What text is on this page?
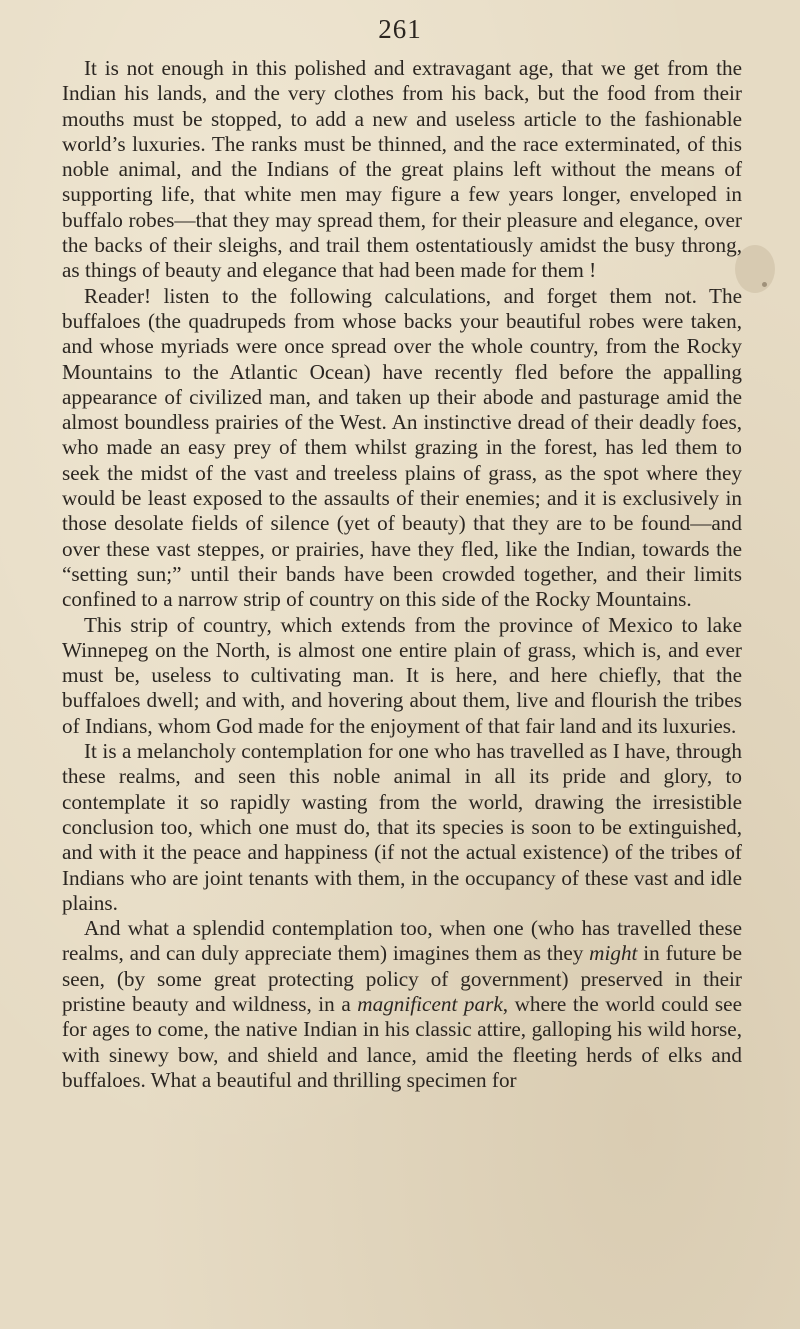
261

It is not enough in this polished and extravagant age, that we get from the Indian his lands, and the very clothes from his back, but the food from their mouths must be stopped, to add a new and useless article to the fashionable world’s luxuries. The ranks must be thinned, and the race exterminated, of this noble animal, and the Indians of the great plains left without the means of supporting life, that white men may figure a few years longer, enveloped in buffalo robes—that they may spread them, for their pleasure and elegance, over the backs of their sleighs, and trail them ostentatiously amidst the busy throng, as things of beauty and elegance that had been made for them !

Reader! listen to the following calculations, and forget them not. The buffaloes (the quadrupeds from whose backs your beautiful robes were taken, and whose myriads were once spread over the whole country, from the Rocky Mountains to the Atlantic Ocean) have recently fled before the appalling appearance of civilized man, and taken up their abode and pasturage amid the almost boundless prairies of the West. An instinctive dread of their deadly foes, who made an easy prey of them whilst grazing in the forest, has led them to seek the midst of the vast and treeless plains of grass, as the spot where they would be least exposed to the assaults of their enemies; and it is exclusively in those desolate fields of silence (yet of beauty) that they are to be found—and over these vast steppes, or prairies, have they fled, like the Indian, towards the “setting sun;” until their bands have been crowded together, and their limits confined to a narrow strip of country on this side of the Rocky Mountains.

This strip of country, which extends from the province of Mexico to lake Winnepeg on the North, is almost one entire plain of grass, which is, and ever must be, useless to cultivating man. It is here, and here chiefly, that the buffaloes dwell; and with, and hovering about them, live and flourish the tribes of Indians, whom God made for the enjoyment of that fair land and its luxuries.

It is a melancholy contemplation for one who has travelled as I have, through these realms, and seen this noble animal in all its pride and glory, to contemplate it so rapidly wasting from the world, drawing the irresistible conclusion too, which one must do, that its species is soon to be extinguished, and with it the peace and happiness (if not the actual existence) of the tribes of Indians who are joint tenants with them, in the occupancy of these vast and idle plains.

And what a splendid contemplation too, when one (who has travelled these realms, and can duly appreciate them) imagines them as they might in future be seen, (by some great protecting policy of government) preserved in their pristine beauty and wildness, in a magnificent park, where the world could see for ages to come, the native Indian in his classic attire, galloping his wild horse, with sinewy bow, and shield and lance, amid the fleeting herds of elks and buffaloes. What a beautiful and thrilling specimen for
